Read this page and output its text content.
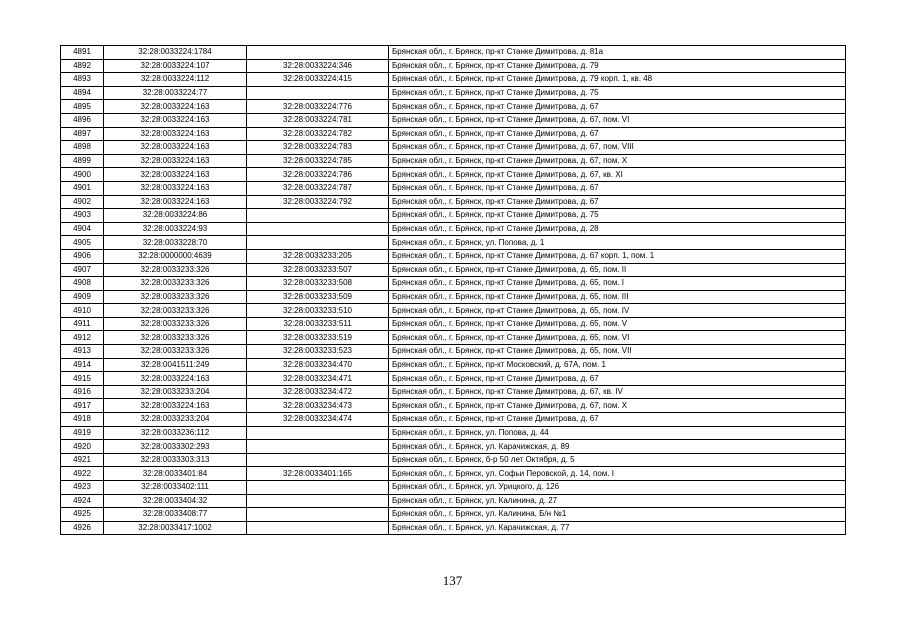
4891	32:28:0033224:1784		Брянская обл., г. Брянск, пр-кт Станке Димитрова, д. 81а
4892	32:28:0033224:107	32:28:0033224:346	Брянская обл., г. Брянск, пр-кт Станке Димитрова, д. 79
4893	32:28:0033224:112	32:28:0033224:415	Брянская обл., г. Брянск, пр-кт Станке Димитрова, д. 79 корп. 1, кв. 48
4894	32:28:0033224:77		Брянская обл., г. Брянск, пр-кт Станке Димитрова, д. 75
4895	32:28:0033224:163	32:28:0033224:776	Брянская обл., г. Брянск, пр-кт Станке Димитрова, д. 67
4896	32:28:0033224:163	32:28:0033224:781	Брянская обл., г. Брянск, пр-кт Станке Димитрова, д. 67, пом. VI
4897	32:28:0033224:163	32:28:0033224:782	Брянская обл., г. Брянск, пр-кт Станке Димитрова, д. 67
4898	32:28:0033224:163	32:28:0033224:783	Брянская обл., г. Брянск, пр-кт Станке Димитрова, д. 67, пом. VIII
4899	32:28:0033224:163	32:28:0033224:785	Брянская обл., г. Брянск, пр-кт Станке Димитрова, д. 67, пом. X
4900	32:28:0033224:163	32:28:0033224:786	Брянская обл., г. Брянск, пр-кт Станке Димитрова, д. 67, кв. XI
4901	32:28:0033224:163	32:28:0033224:787	Брянская обл., г. Брянск, пр-кт Станке Димитрова, д. 67
4902	32:28:0033224:163	32:28:0033224:792	Брянская обл., г. Брянск, пр-кт Станке Димитрова, д. 67
4903	32:28:0033224:86		Брянская обл., г. Брянск, пр-кт Станке Димитрова, д. 75
4904	32:28:0033224:93		Брянская обл., г. Брянск, пр-кт Станке Димитрова, д. 28
4905	32:28:0033228:70		Брянская обл., г. Брянск, ул. Попова, д. 1
4906	32:28:0000000:4639	32:28:0033233:205	Брянская обл., г. Брянск, пр-кт Станке Димитрова, д. 67 корп. 1, пом. 1
4907	32:28:0033233:326	32:28:0033233:507	Брянская обл., г. Брянск, пр-кт Станке Димитрова, д. 65, пом. II
4908	32:28:0033233:326	32:28:0033233:508	Брянская обл., г. Брянск, пр-кт Станке Димитрова, д. 65, пом. I
4909	32:28:0033233:326	32:28:0033233:509	Брянская обл., г. Брянск, пр-кт Станке Димитрова, д. 65, пом. III
4910	32:28:0033233:326	32:28:0033233:510	Брянская обл., г. Брянск, пр-кт Станке Димитрова, д. 65, пом. IV
4911	32:28:0033233:326	32:28:0033233:511	Брянская обл., г. Брянск, пр-кт Станке Димитрова, д. 65, пом. V
4912	32:28:0033233:326	32:28:0033233:519	Брянская обл., г. Брянск, пр-кт Станке Димитрова, д. 65, пом. VI
4913	32:28:0033233:326	32:28:0033233:523	Брянская обл., г. Брянск, пр-кт Станке Димитрова, д. 65, пом. VII
4914	32:28:0041511:249	32:28:0033234:470	Брянская обл., г. Брянск, пр-кт Московский, д. 67А, пом. 1
4915	32:28:0033224:163	32:28:0033234:471	Брянская обл., г. Брянск, пр-кт Станке Димитрова, д. 67
4916	32:28:0033233:204	32:28:0033234:472	Брянская обл., г. Брянск, пр-кт Станке Димитрова, д. 67, кв. IV
4917	32:28:0033224:163	32:28:0033234:473	Брянская обл., г. Брянск, пр-кт Станке Димитрова, д. 67, пом. X
4918	32:28:0033233:204	32:28:0033234:474	Брянская обл., г. Брянск, пр-кт Станке Димитрова, д. 67
4919	32:28:0033236:112		Брянская обл., г. Брянск, ул. Попова, д. 44
4920	32:28:0033302:293		Брянская обл., г. Брянск, ул. Карачижская, д. 89
4921	32:28:0033303:313		Брянская обл., г. Брянск, б-р 50 лет Октября, д. 5
4922	32:28:0033401:84	32:28:0033401:165	Брянская обл., г. Брянск, ул. Софьи Перовской, д. 14, пом. I
4923	32:28:0033402:111		Брянская обл., г. Брянск, ул. Урицкого, д. 126
4924	32:28:0033404:32		Брянская обл., г. Брянск, ул. Калинина, д. 27
4925	32:28:0033408:77		Брянская обл., г. Брянск, ул. Калинина, Б/н №1
4926	32:28:0033417:1002		Брянская обл., г. Брянск, ул. Карачижская, д. 77
137
